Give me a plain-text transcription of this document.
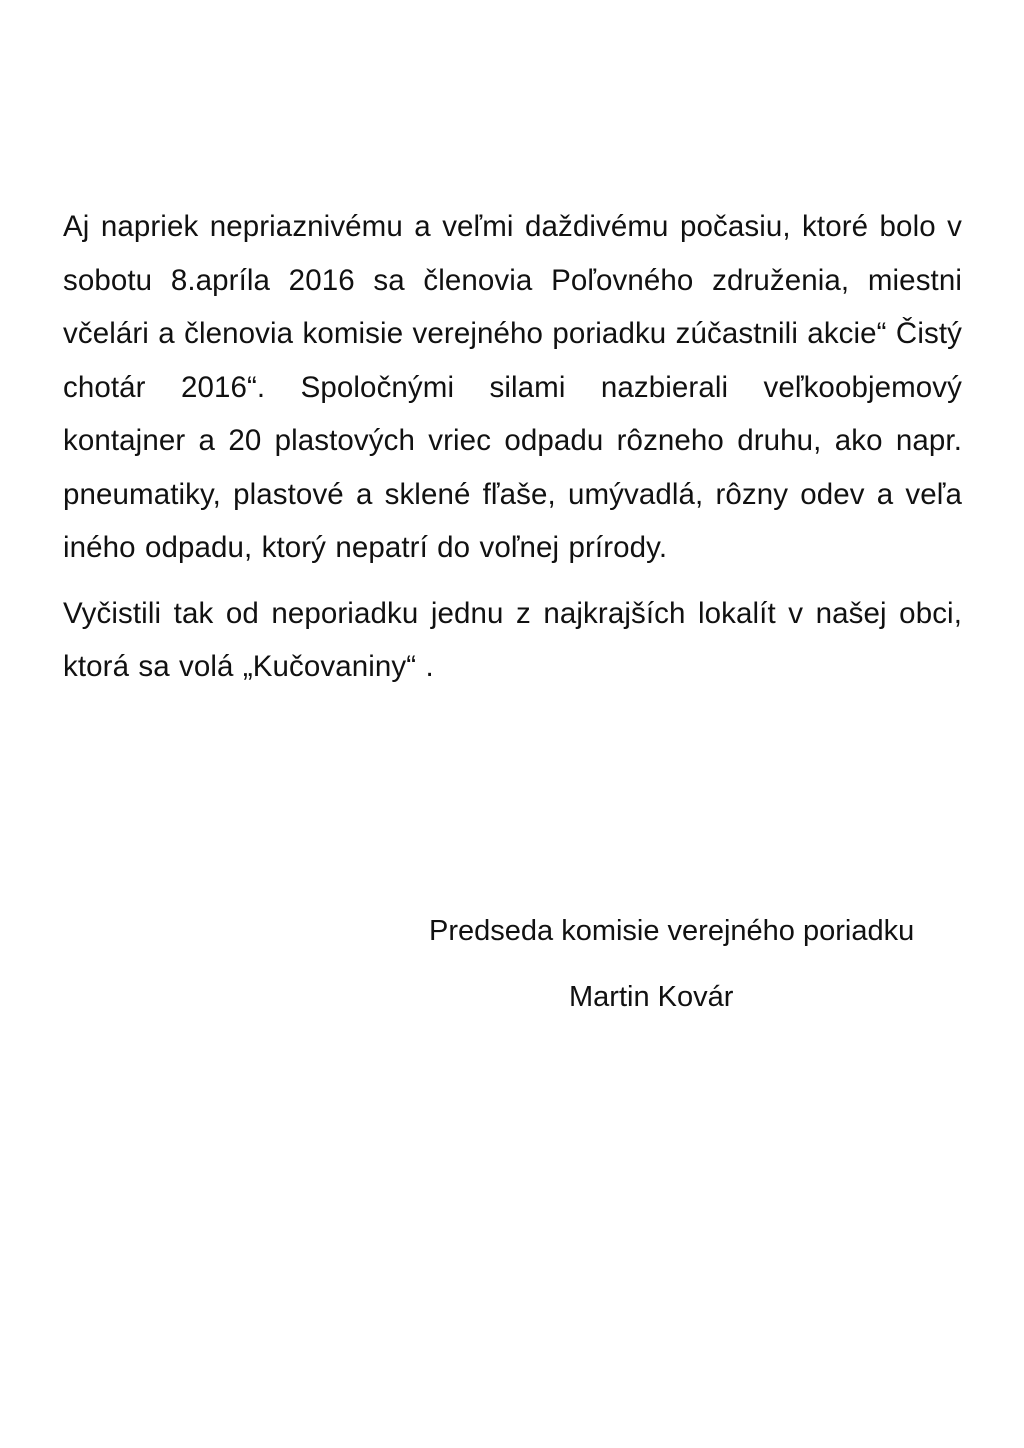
Aj napriek nepriaznivému a veľmi daždivému počasiu, ktoré bolo v sobotu 8.apríla 2016 sa členovia Poľovného združenia, miestni včelári a členovia komisie verejného poriadku zúčastnili akcie“ Čistý chotár 2016“. Spoločnými silami nazbierali veľkoobjemový kontajner a 20 plastových vriec odpadu rôzneho druhu, ako napr. pneumatiky, plastové a sklené fľaše, umývadlá, rôzny odev a veľa iného odpadu, ktorý nepatrí do voľnej prírody.

Vyčistili tak od neporiadku jednu z najkrajších lokalít v našej obci, ktorá sa volá „Kučovaniny“ .

Predseda komisie verejného poriadku
Martin Kovár
